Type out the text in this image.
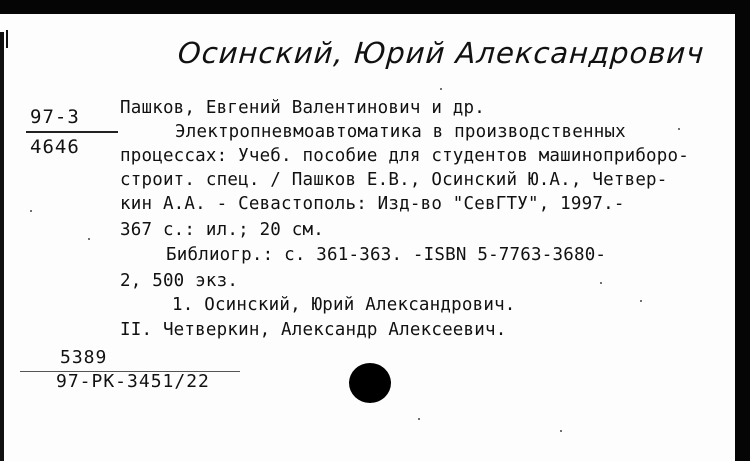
Осинский, Юрий Александрович
97-3
4646
Пашков, Евгений Валентинович и др.
Электропневмоавтоматика в производственных
процессах: Учеб. пособие для студентов машиноприборо-
строит. спец. / Пашков Е.В., Осинский Ю.А., Четвер-
кин А.А. - Севастополь: Изд-во "СевГТУ", 1997.-
367 с.: ил.; 20 см.
Библиогр.: с. 361-363. -ISBN 5-7763-3680-
2, 500 экз.
1. Осинский, Юрий Александрович.
II. Четверкин, Александр Алексеевич.
5389
97-РК-3451/22
